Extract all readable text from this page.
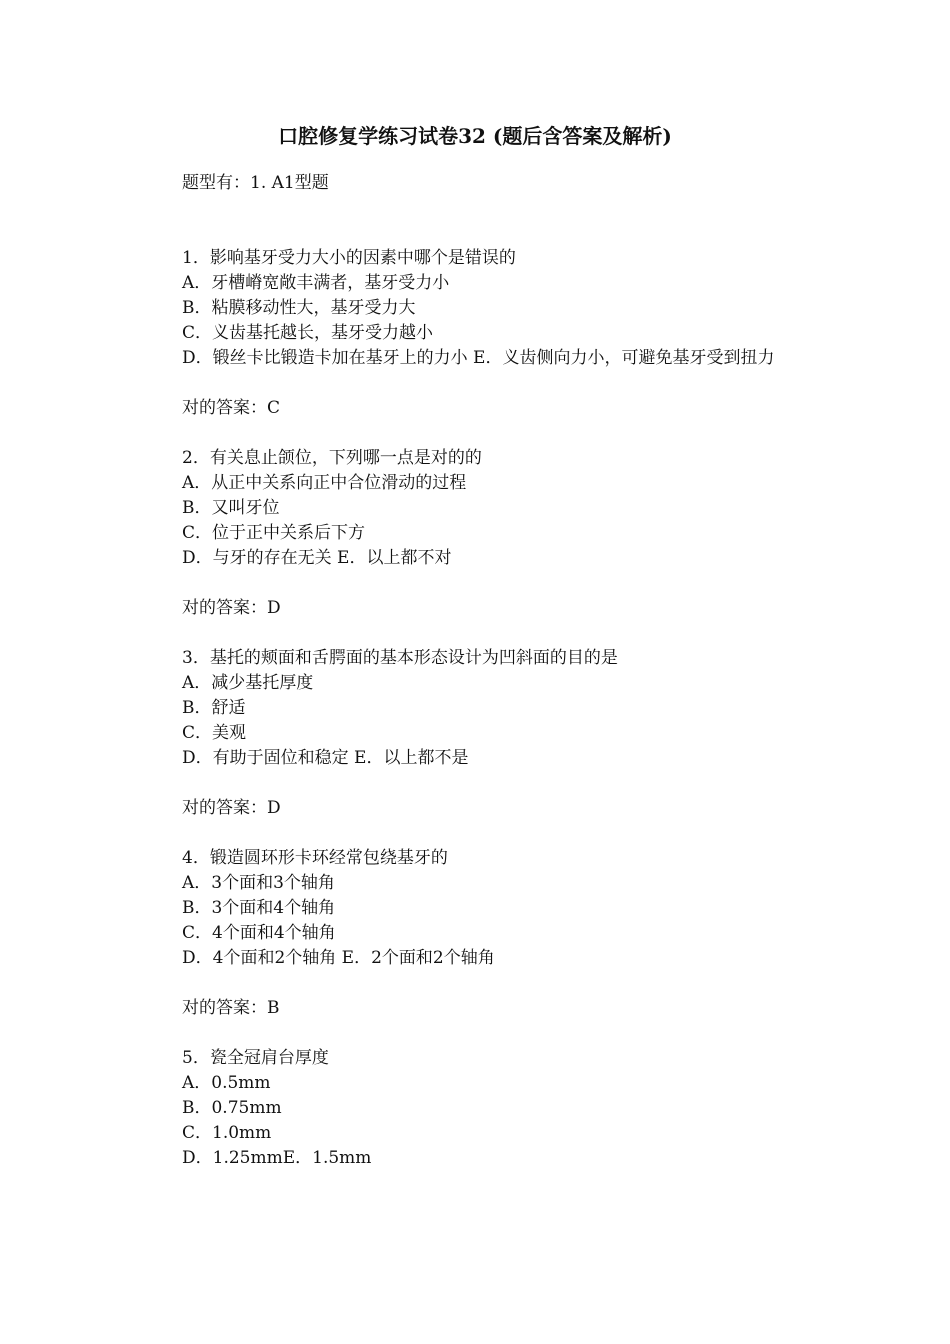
口腔修复学练习试卷32 (题后含答案及解析)

题型有：1. A1型题

1．影响基牙受力大小的因素中哪个是错误的

A．牙槽嵴宽敞丰满者，基牙受力小

B．粘膜移动性大，基牙受力大

C．义齿基托越长，基牙受力越小

D．锻丝卡比锻造卡加在基牙上的力小 E．义齿侧向力小，可避免基牙受到扭力

对的答案：C

2．有关息止颌位，下列哪一点是对的的

A．从正中关系向正中合位滑动的过程

B．又叫牙位

C．位于正中关系后下方

D．与牙的存在无关 E．以上都不对

对的答案：D

3．基托的颊面和舌腭面的基本形态设计为凹斜面的目的是

A．减少基托厚度

B．舒适

C．美观

D．有助于固位和稳定 E．以上都不是

对的答案：D

4．锻造圆环形卡环经常包绕基牙的

A．3个面和3个轴角

B．3个面和4个轴角

C．4个面和4个轴角

D．4个面和2个轴角 E．2个面和2个轴角

对的答案：B

5．瓷全冠肩台厚度

A．0.5mm

B．0.75mm

C．1.0mm

D．1.25mmE．1.5mm
